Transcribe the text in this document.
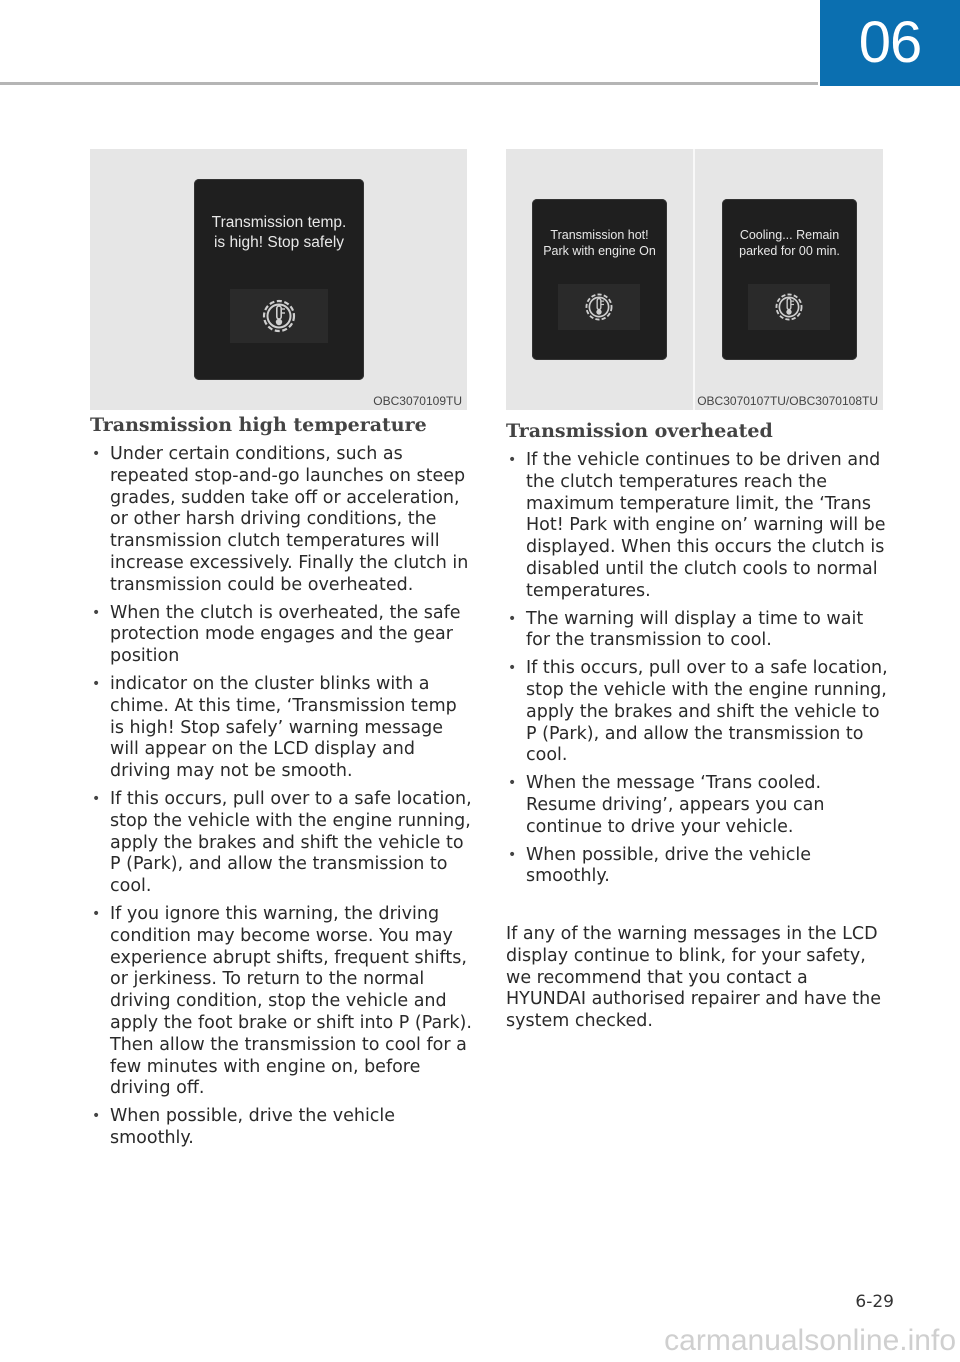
06
Transmission temp.
is high! Stop safely
OBC3070109TU
Transmission hot!
Park with engine On
Cooling... Remain
parked for 00 min.
OBC3070107TU/OBC3070108TU
Transmission high temperature
• Under certain conditions, such as repeated stop-and-go launches on steep grades, sudden take off or acceleration, or other harsh driving conditions, the transmission clutch temperatures will increase excessively. Finally the clutch in transmission could be overheated.
• When the clutch is overheated, the safe protection mode engages and the gear position
• indicator on the cluster blinks with a chime. At this time, ‘Transmission temp is high! Stop safely’ warning message will appear on the LCD display and driving may not be smooth.
• If this occurs, pull over to a safe location, stop the vehicle with the engine running, apply the brakes and shift the vehicle to P (Park), and allow the transmission to cool.
• If you ignore this warning, the driving condition may become worse. You may experience abrupt shifts, frequent shifts, or jerkiness. To return to the normal driving condition, stop the vehicle and apply the foot brake or shift into P (Park). Then allow the transmission to cool for a few minutes with engine on, before driving off.
• When possible, drive the vehicle smoothly.
Transmission overheated
• If the vehicle continues to be driven and the clutch temperatures reach the maximum temperature limit, the ‘Trans Hot! Park with engine on’ warning will be displayed. When this occurs the clutch is disabled until the clutch cools to normal temperatures.
• The warning will display a time to wait for the transmission to cool.
• If this occurs, pull over to a safe location, stop the vehicle with the engine running, apply the brakes and shift the vehicle to P (Park), and allow the transmission to cool.
• When the message ‘Trans cooled. Resume driving’, appears you can continue to drive your vehicle.
• When possible, drive the vehicle smoothly.

If any of the warning messages in the LCD display continue to blink, for your safety, we recommend that you contact a HYUNDAI authorised repairer and have the system checked.

6-29
carmanualsonline.info
